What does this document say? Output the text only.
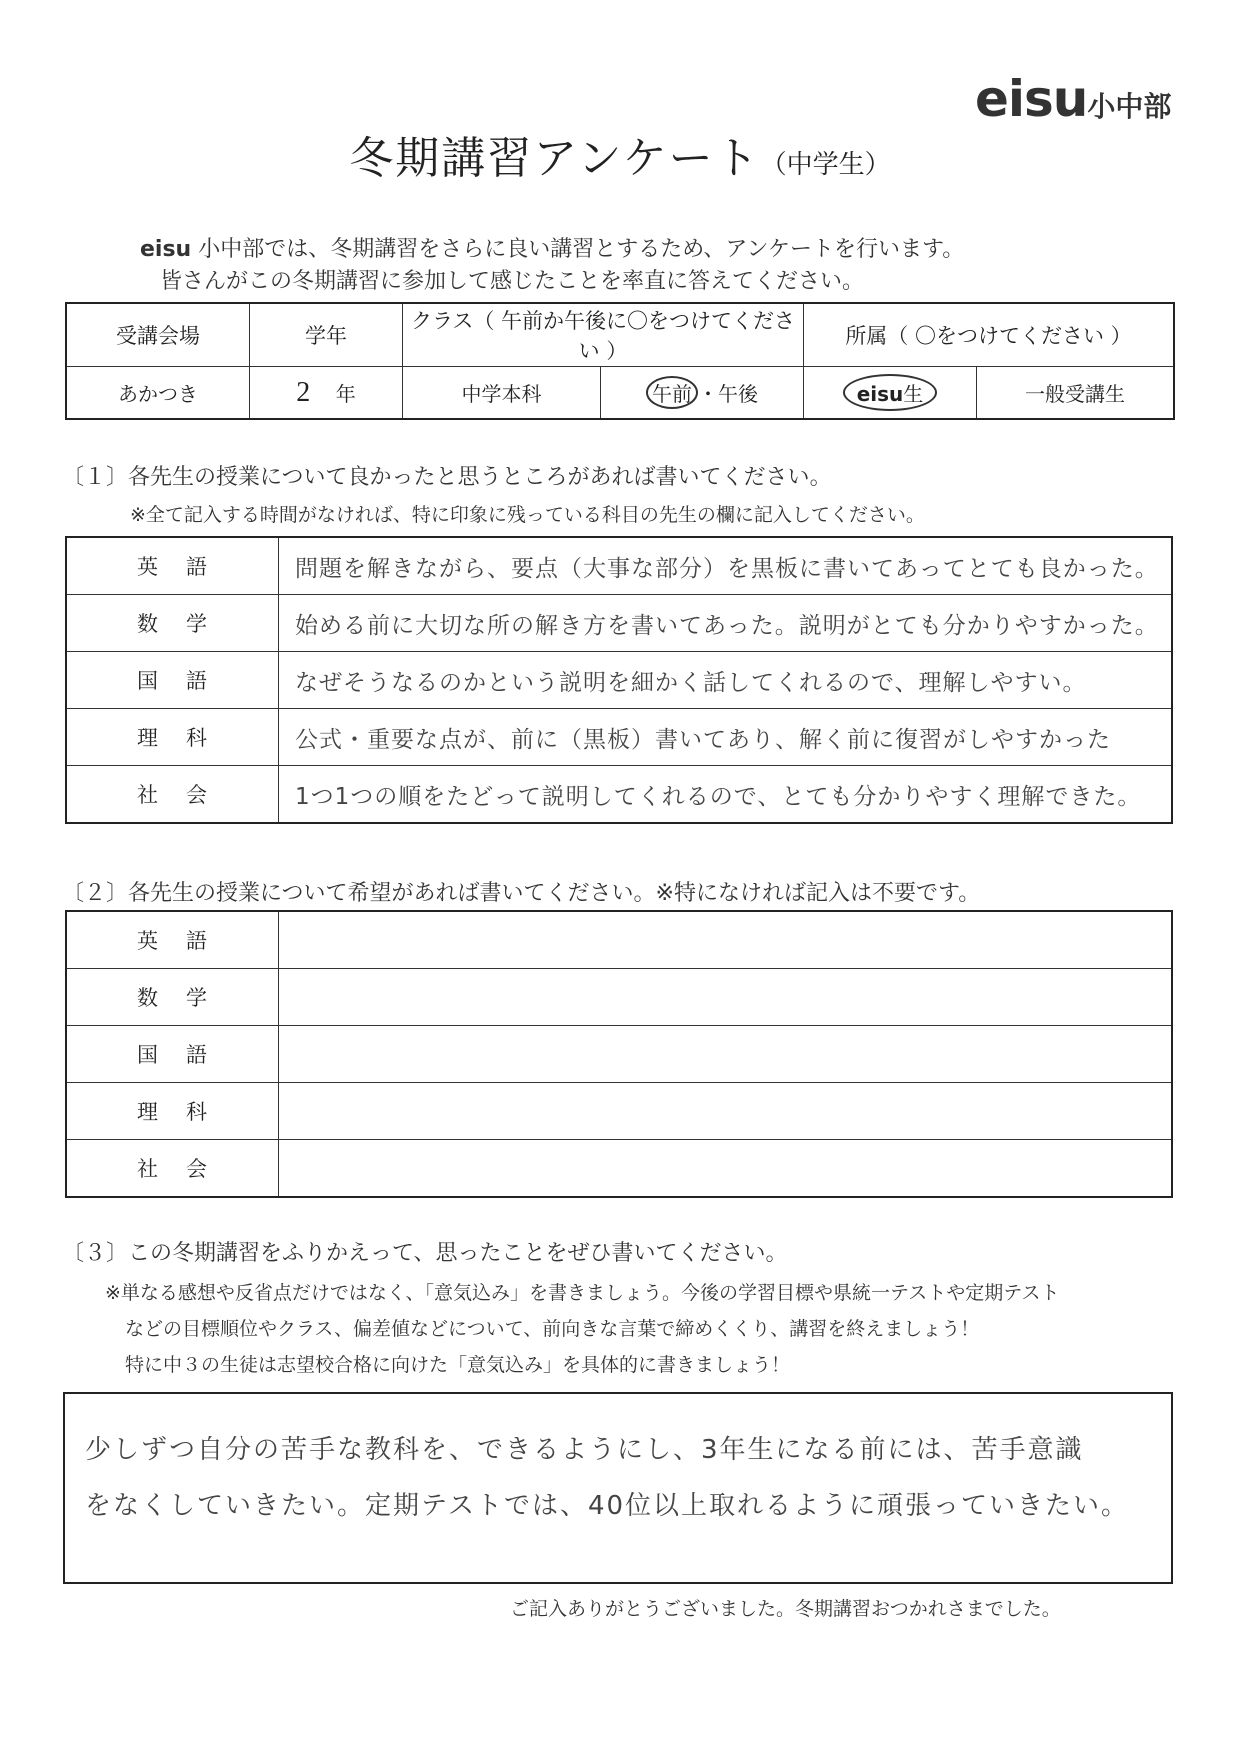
eisu小中部
冬期講習アンケート（中学生）
eisu 小中部では、冬期講習をさらに良い講習とするため、アンケートを行います。
皆さんがこの冬期講習に参加して感じたことを率直に答えてください。
受講会場	学年	クラス（ 午前か午後に〇をつけてください ）		所属（ 〇をつけてください ）	
あかつき	2 年	中学本科	午前 ・午後	eisu生	一般受講生
〔１〕各先生の授業について良かったと思うところがあれば書いてください。
※全て記入する時間がなければ、特に印象に残っている科目の先生の欄に記入してください。
英語	問題を解きながら、要点（大事な部分）を黒板に書いてあってとても良かった。
数学	始める前に大切な所の解き方を書いてあった。説明がとても分かりやすかった。
国語	なぜそうなるのかという説明を細かく話してくれるので、理解しやすい。
理科	公式・重要な点が、前に（黒板）書いてあり、解く前に復習がしやすかった
社会	1つ1つの順をたどって説明してくれるので、とても分かりやすく理解できた。
〔２〕各先生の授業について希望があれば書いてください。※特になければ記入は不要です。
英語	
数学	
国語	
理科	
社会	
〔３〕この冬期講習をふりかえって、思ったことをぜひ書いてください。
※単なる感想や反省点だけではなく、「意気込み」を書きましょう。今後の学習目標や県統一テストや定期テスト
などの目標順位やクラス、偏差値などについて、前向きな言葉で締めくくり、講習を終えましょう！
特に中３の生徒は志望校合格に向けた「意気込み」を具体的に書きましょう！
少しずつ自分の苦手な教科を、できるようにし、3年生になる前には、苦手意識
をなくしていきたい。定期テストでは、40位以上取れるように頑張っていきたい。
ご記入ありがとうございました。冬期講習おつかれさまでした。
